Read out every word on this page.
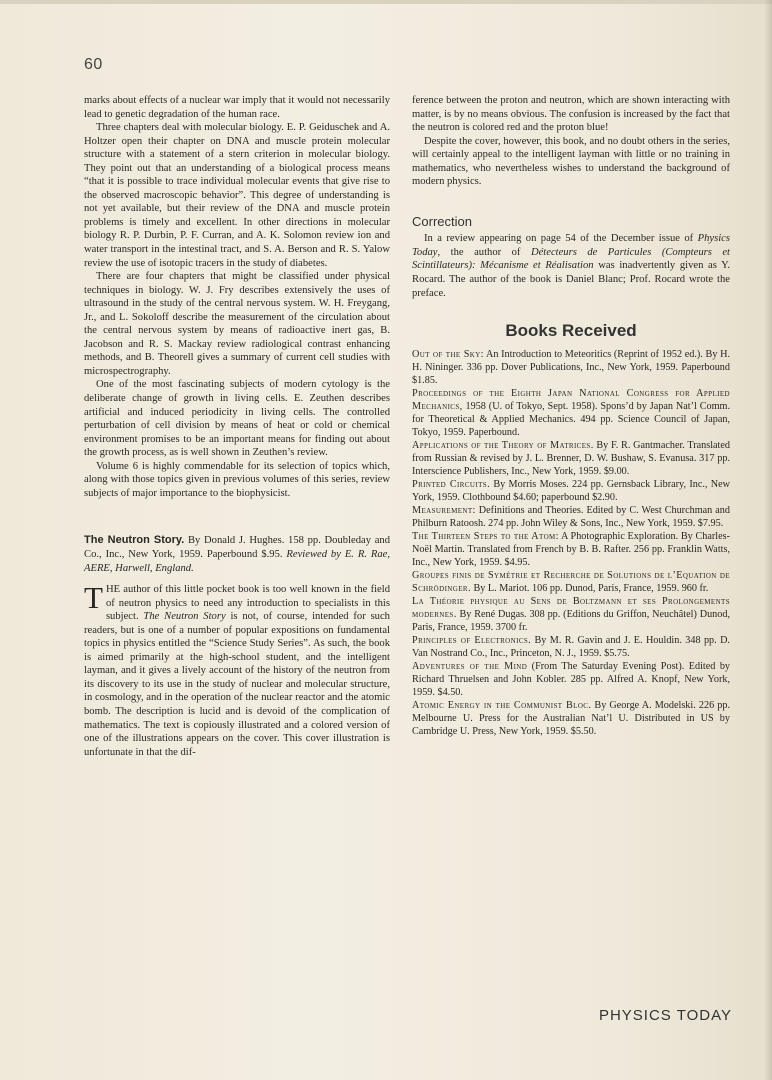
60

marks about effects of a nuclear war imply that it would not necessarily lead to genetic degradation of the human race.

Three chapters deal with molecular biology. E. P. Geiduschek and A. Holtzer open their chapter on DNA and muscle protein molecular structure with a statement of a stern criterion in molecular biology. They point out that an understanding of a biological process means “that it is possible to trace individual molecular events that give rise to the observed macroscopic behavior”. This degree of understanding is not yet available, but their review of the DNA and muscle protein problems is timely and excellent. In other directions in molecular biology R. P. Durbin, P. F. Curran, and A. K. Solomon review ion and water transport in the intestinal tract, and S. A. Berson and R. S. Yalow review the use of isotopic tracers in the study of diabetes.

There are four chapters that might be classified under physical techniques in biology. W. J. Fry describes extensively the uses of ultrasound in the study of the central nervous system. W. H. Freygang, Jr., and L. Sokoloff describe the measurement of the circulation about the central nervous system by means of radioactive inert gas, B. Jacobson and R. S. Mackay review radiological contrast enhancing methods, and B. Theorell gives a summary of current cell studies with microspectrography.

One of the most fascinating subjects of modern cytology is the deliberate change of growth in living cells. E. Zeuthen describes artificial and induced periodicity in living cells. The controlled perturbation of cell division by means of heat or cold or chemical environment promises to be an important means for finding out about the growth process, as is well shown in Zeuthen’s review.

Volume 6 is highly commendable for its selection of topics which, along with those topics given in previous volumes of this series, review subjects of major importance to the biophysicist.

The Neutron Story. By Donald J. Hughes. 158 pp. Doubleday and Co., Inc., New York, 1959. Paperbound $.95. Reviewed by E. R. Rae, AERE, Harwell, England.

THE author of this little pocket book is too well known in the field of neutron physics to need any introduction to specialists in this subject. The Neutron Story is not, of course, intended for such readers, but is one of a number of popular expositions on fundamental topics in physics entitled the “Science Study Series”. As such, the book is aimed primarily at the high-school student, and the intelligent layman, and it gives a lively account of the history of the neutron from its discovery to its use in the study of nuclear and molecular structure, in cosmology, and in the operation of the nuclear reactor and the atomic bomb. The description is lucid and is devoid of the complication of mathematics. The text is copiously illustrated and a colored version of one of the illustrations appears on the cover. This cover illustration is unfortunate in that the dif-

ference between the proton and neutron, which are shown interacting with matter, is by no means obvious. The confusion is increased by the fact that the neutron is colored red and the proton blue!

Despite the cover, however, this book, and no doubt others in the series, will certainly appeal to the intelligent layman with little or no training in mathematics, who nevertheless wishes to understand the background of modern physics.

Correction

In a review appearing on page 54 of the December issue of Physics Today, the author of Détecteurs de Particules (Compteurs et Scintillateurs): Mécanisme et Réalisation was inadvertently given as Y. Rocard. The author of the book is Daniel Blanc; Prof. Rocard wrote the preface.

Books Received

Out of the Sky: An Introduction to Meteoritics (Reprint of 1952 ed.). By H. H. Nininger. 336 pp. Dover Publications, Inc., New York, 1959. Paperbound $1.85.

Proceedings of the Eighth Japan National Congress for Applied Mechanics, 1958 (U. of Tokyo, Sept. 1958). Spons’d by Japan Nat’l Comm. for Theoretical & Applied Mechanics. 494 pp. Science Council of Japan, Tokyo, 1959. Paperbound.

Applications of the Theory of Matrices. By F. R. Gantmacher. Translated from Russian & revised by J. L. Brenner, D. W. Bushaw, S. Evanusa. 317 pp. Interscience Publishers, Inc., New York, 1959. $9.00.

Printed Circuits. By Morris Moses. 224 pp. Gernsback Library, Inc., New York, 1959. Clothbound $4.60; paperbound $2.90.

Measurement: Definitions and Theories. Edited by C. West Churchman and Philburn Ratoosh. 274 pp. John Wiley & Sons, Inc., New York, 1959. $7.95.

The Thirteen Steps to the Atom: A Photographic Exploration. By Charles-Noël Martin. Translated from French by B. B. Rafter. 256 pp. Franklin Watts, Inc., New York, 1959. $4.95.

Groupes finis de Symétrie et Recherche de Solutions de l’Equation de Schrödinger. By L. Mariot. 106 pp. Dunod, Paris, France, 1959. 960 fr.

La Théorie physique au Sens de Boltzmann et ses Prolongements modernes. By René Dugas. 308 pp. (Editions du Griffon, Neuchâtel) Dunod, Paris, France, 1959. 3700 fr.

Principles of Electronics. By M. R. Gavin and J. E. Houldin. 348 pp. D. Van Nostrand Co., Inc., Princeton, N. J., 1959. $5.75.

Adventures of the Mind (From The Saturday Evening Post). Edited by Richard Thruelsen and John Kobler. 285 pp. Alfred A. Knopf, New York, 1959. $4.50.

Atomic Energy in the Communist Bloc. By George A. Modelski. 226 pp. Melbourne U. Press for the Australian Nat’l U. Distributed in US by Cambridge U. Press, New York, 1959. $5.50.

PHYSICS TODAY
